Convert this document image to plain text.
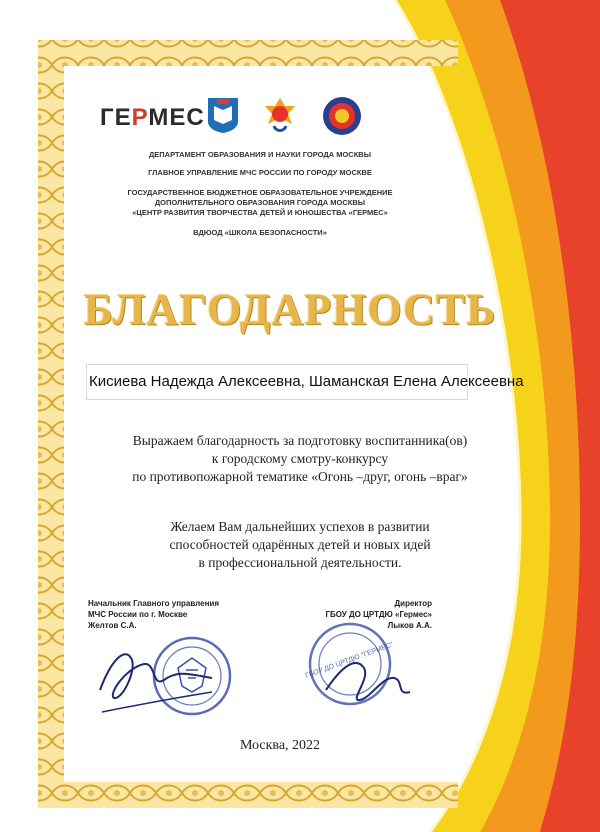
ГЕРМЕС
ДЕПАРТАМЕНТ ОБРАЗОВАНИЯ И НАУКИ ГОРОДА МОСКВЫ
ГЛАВНОЕ УПРАВЛЕНИЕ МЧС РОССИИ ПО ГОРОДУ МОСКВЕ
ГОСУДАРСТВЕННОЕ БЮДЖЕТНОЕ ОБРАЗОВАТЕЛЬНОЕ УЧРЕЖДЕНИЕ
ДОПОЛНИТЕЛЬНОГО ОБРАЗОВАНИЯ ГОРОДА МОСКВЫ
«ЦЕНТР РАЗВИТИЯ ТВОРЧЕСТВА ДЕТЕЙ И ЮНОШЕСТВА «ГЕРМЕС»
ВДЮОД «ШКОЛА БЕЗОПАСНОСТИ»
БЛАГОДАРНОСТЬ
Кисиева Надежда Алексеевна, Шаманская Елена Алексеевна
Выражаем благодарность за подготовку воспитанника(ов)
к городскому смотру-конкурсу
по противопожарной тематике «Огонь –друг, огонь –враг»
Желаем Вам дальнейших успехов в развитии
способностей одарённых детей и новых идей
в профессиональной деятельности.
Начальник Главного управления
МЧС России по г. Москве
Желтов С.А.
Директор
ГБОУ ДО ЦРТДЮ «Гермес»
Лыков А.А.
ГБОУ ДО ЦРТДЮ "ГЕРМЕС"
Москва, 2022
